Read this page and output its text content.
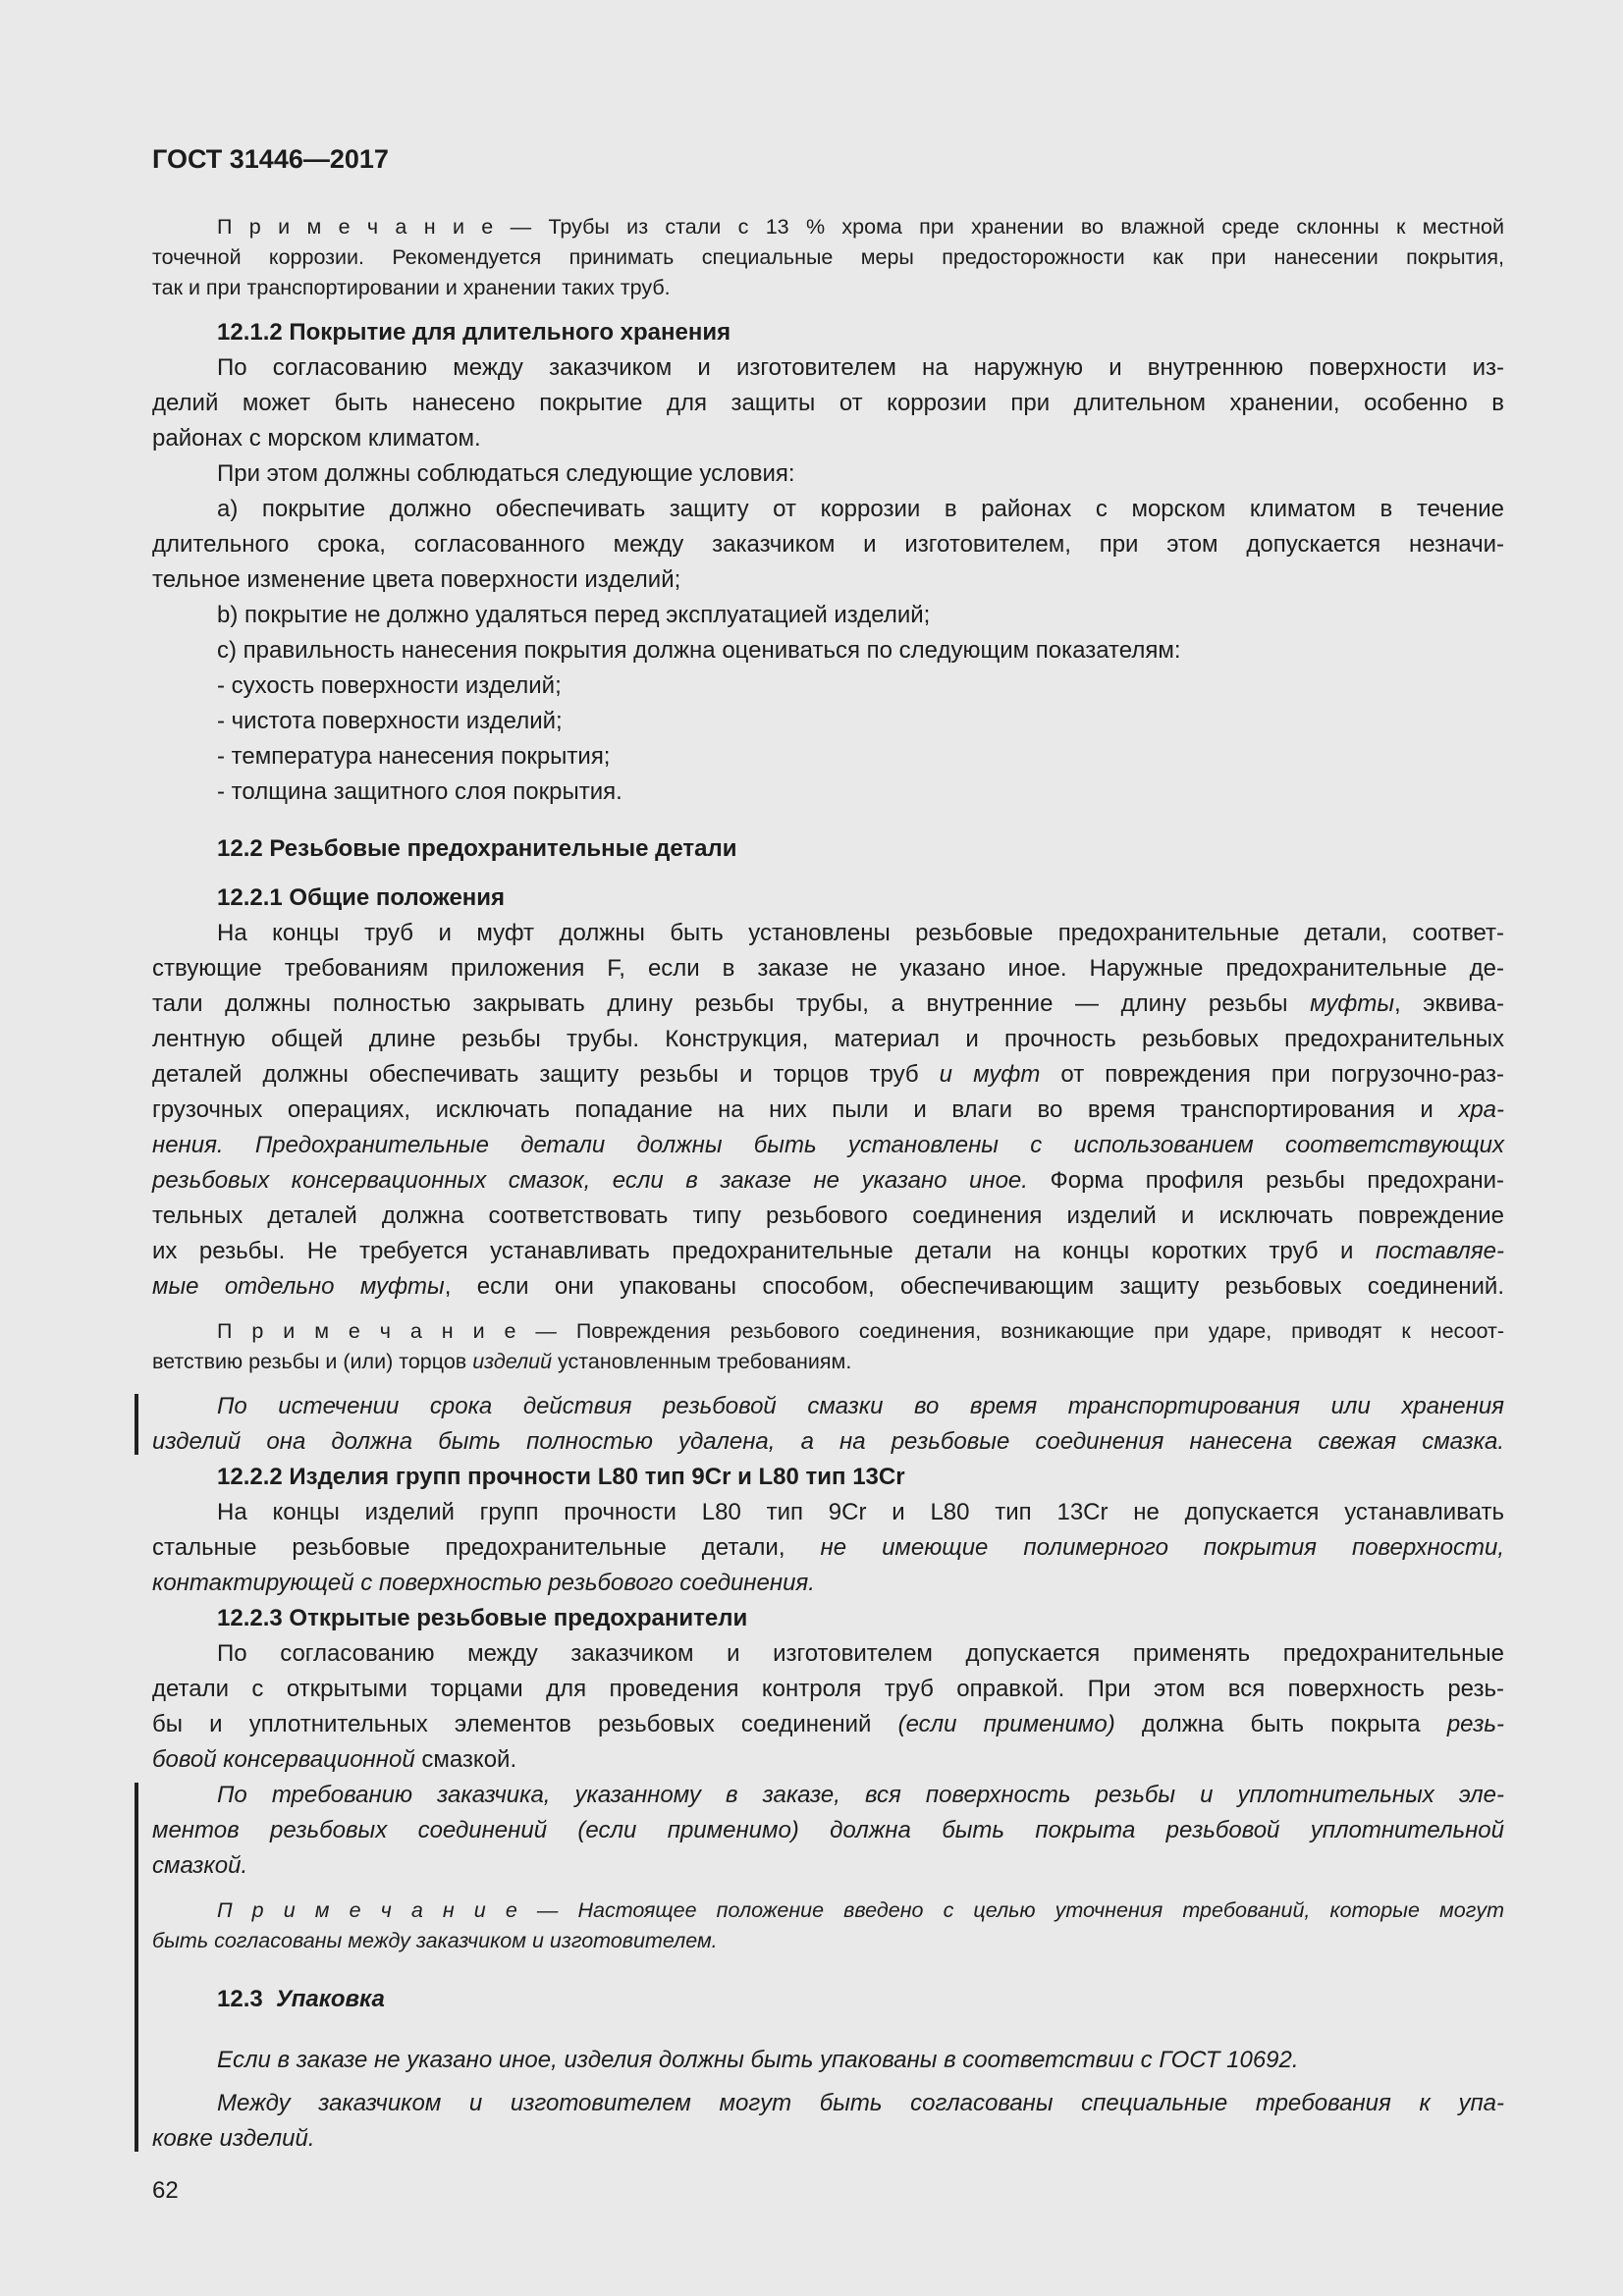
ГОСТ 31446—2017
П р и м е ч а н и е — Трубы из стали с 13 % хрома при хранении во влажной среде склонны к местной
точечной коррозии. Рекомендуется принимать специальные меры предосторожности как при нанесении покрытия,
так и при транспортировании и хранении таких труб.
12.1.2 Покрытие для длительного хранения
По согласованию между заказчиком и изготовителем на наружную и внутреннюю поверхности из-
делий может быть нанесено покрытие для защиты от коррозии при длительном хранении, особенно в
районах с морском климатом.
При этом должны соблюдаться следующие условия:
a) покрытие должно обеспечивать защиту от коррозии в районах с морском климатом в течение
длительного срока, согласованного между заказчиком и изготовителем, при этом допускается незначи-
тельное изменение цвета поверхности изделий;
b) покрытие не должно удаляться перед эксплуатацией изделий;
c) правильность нанесения покрытия должна оцениваться по следующим показателям:
- сухость поверхности изделий;
- чистота поверхности изделий;
- температура нанесения покрытия;
- толщина защитного слоя покрытия.
12.2 Резьбовые предохранительные детали
12.2.1 Общие положения
На концы труб и муфт должны быть установлены резьбовые предохранительные детали, соответ-
ствующие требованиям приложения F, если в заказе не указано иное. Наружные предохранительные де-
тали должны полностью закрывать длину резьбы трубы, а внутренние — длину резьбы муфты, эквива-
лентную общей длине резьбы трубы. Конструкция, материал и прочность резьбовых предохранительных
деталей должны обеспечивать защиту резьбы и торцов труб и муфт от повреждения при погрузочно-раз-
грузочных операциях, исключать попадание на них пыли и влаги во время транспортирования и хра-
нения. Предохранительные детали должны быть установлены с использованием соответствующих
резьбовых консервационных смазок, если в заказе не указано иное. Форма профиля резьбы предохрани-
тельных деталей должна соответствовать типу резьбового соединения изделий и исключать повреждение
их резьбы. Не требуется устанавливать предохранительные детали на концы коротких труб и поставляе-
мые отдельно муфты, если они упакованы способом, обеспечивающим защиту резьбовых соединений.
П р и м е ч а н и е — Повреждения резьбового соединения, возникающие при ударе, приводят к несоот-
ветствию резьбы и (или) торцов изделий установленным требованиям.
По истечении срока действия резьбовой смазки во время транспортирования или хранения
изделий она должна быть полностью удалена, а на резьбовые соединения нанесена свежая смазка.
12.2.2 Изделия групп прочности L80 тип 9Cr и L80 тип 13Cr
На концы изделий групп прочности L80 тип 9Cr и L80 тип 13Cr не допускается устанавливать
стальные резьбовые предохранительные детали, не имеющие полимерного покрытия поверхности,
контактирующей с поверхностью резьбового соединения.
12.2.3 Открытые резьбовые предохранители
По согласованию между заказчиком и изготовителем допускается применять предохранительные
детали с открытыми торцами для проведения контроля труб оправкой. При этом вся поверхность резь-
бы и уплотнительных элементов резьбовых соединений (если применимо) должна быть покрыта резь-
бовой консервационной смазкой.
По требованию заказчика, указанному в заказе, вся поверхность резьбы и уплотнительных эле-
ментов резьбовых соединений (если применимо) должна быть покрыта резьбовой уплотнительной
смазкой.
П р и м е ч а н и е — Настоящее положение введено с целью уточнения требований, которые могут
быть согласованы между заказчиком и изготовителем.
12.3  Упаковка
Если в заказе не указано иное, изделия должны быть упакованы в соответствии с ГОСТ 10692.
Между заказчиком и изготовителем могут быть согласованы специальные требования к упа-
ковке изделий.
62
